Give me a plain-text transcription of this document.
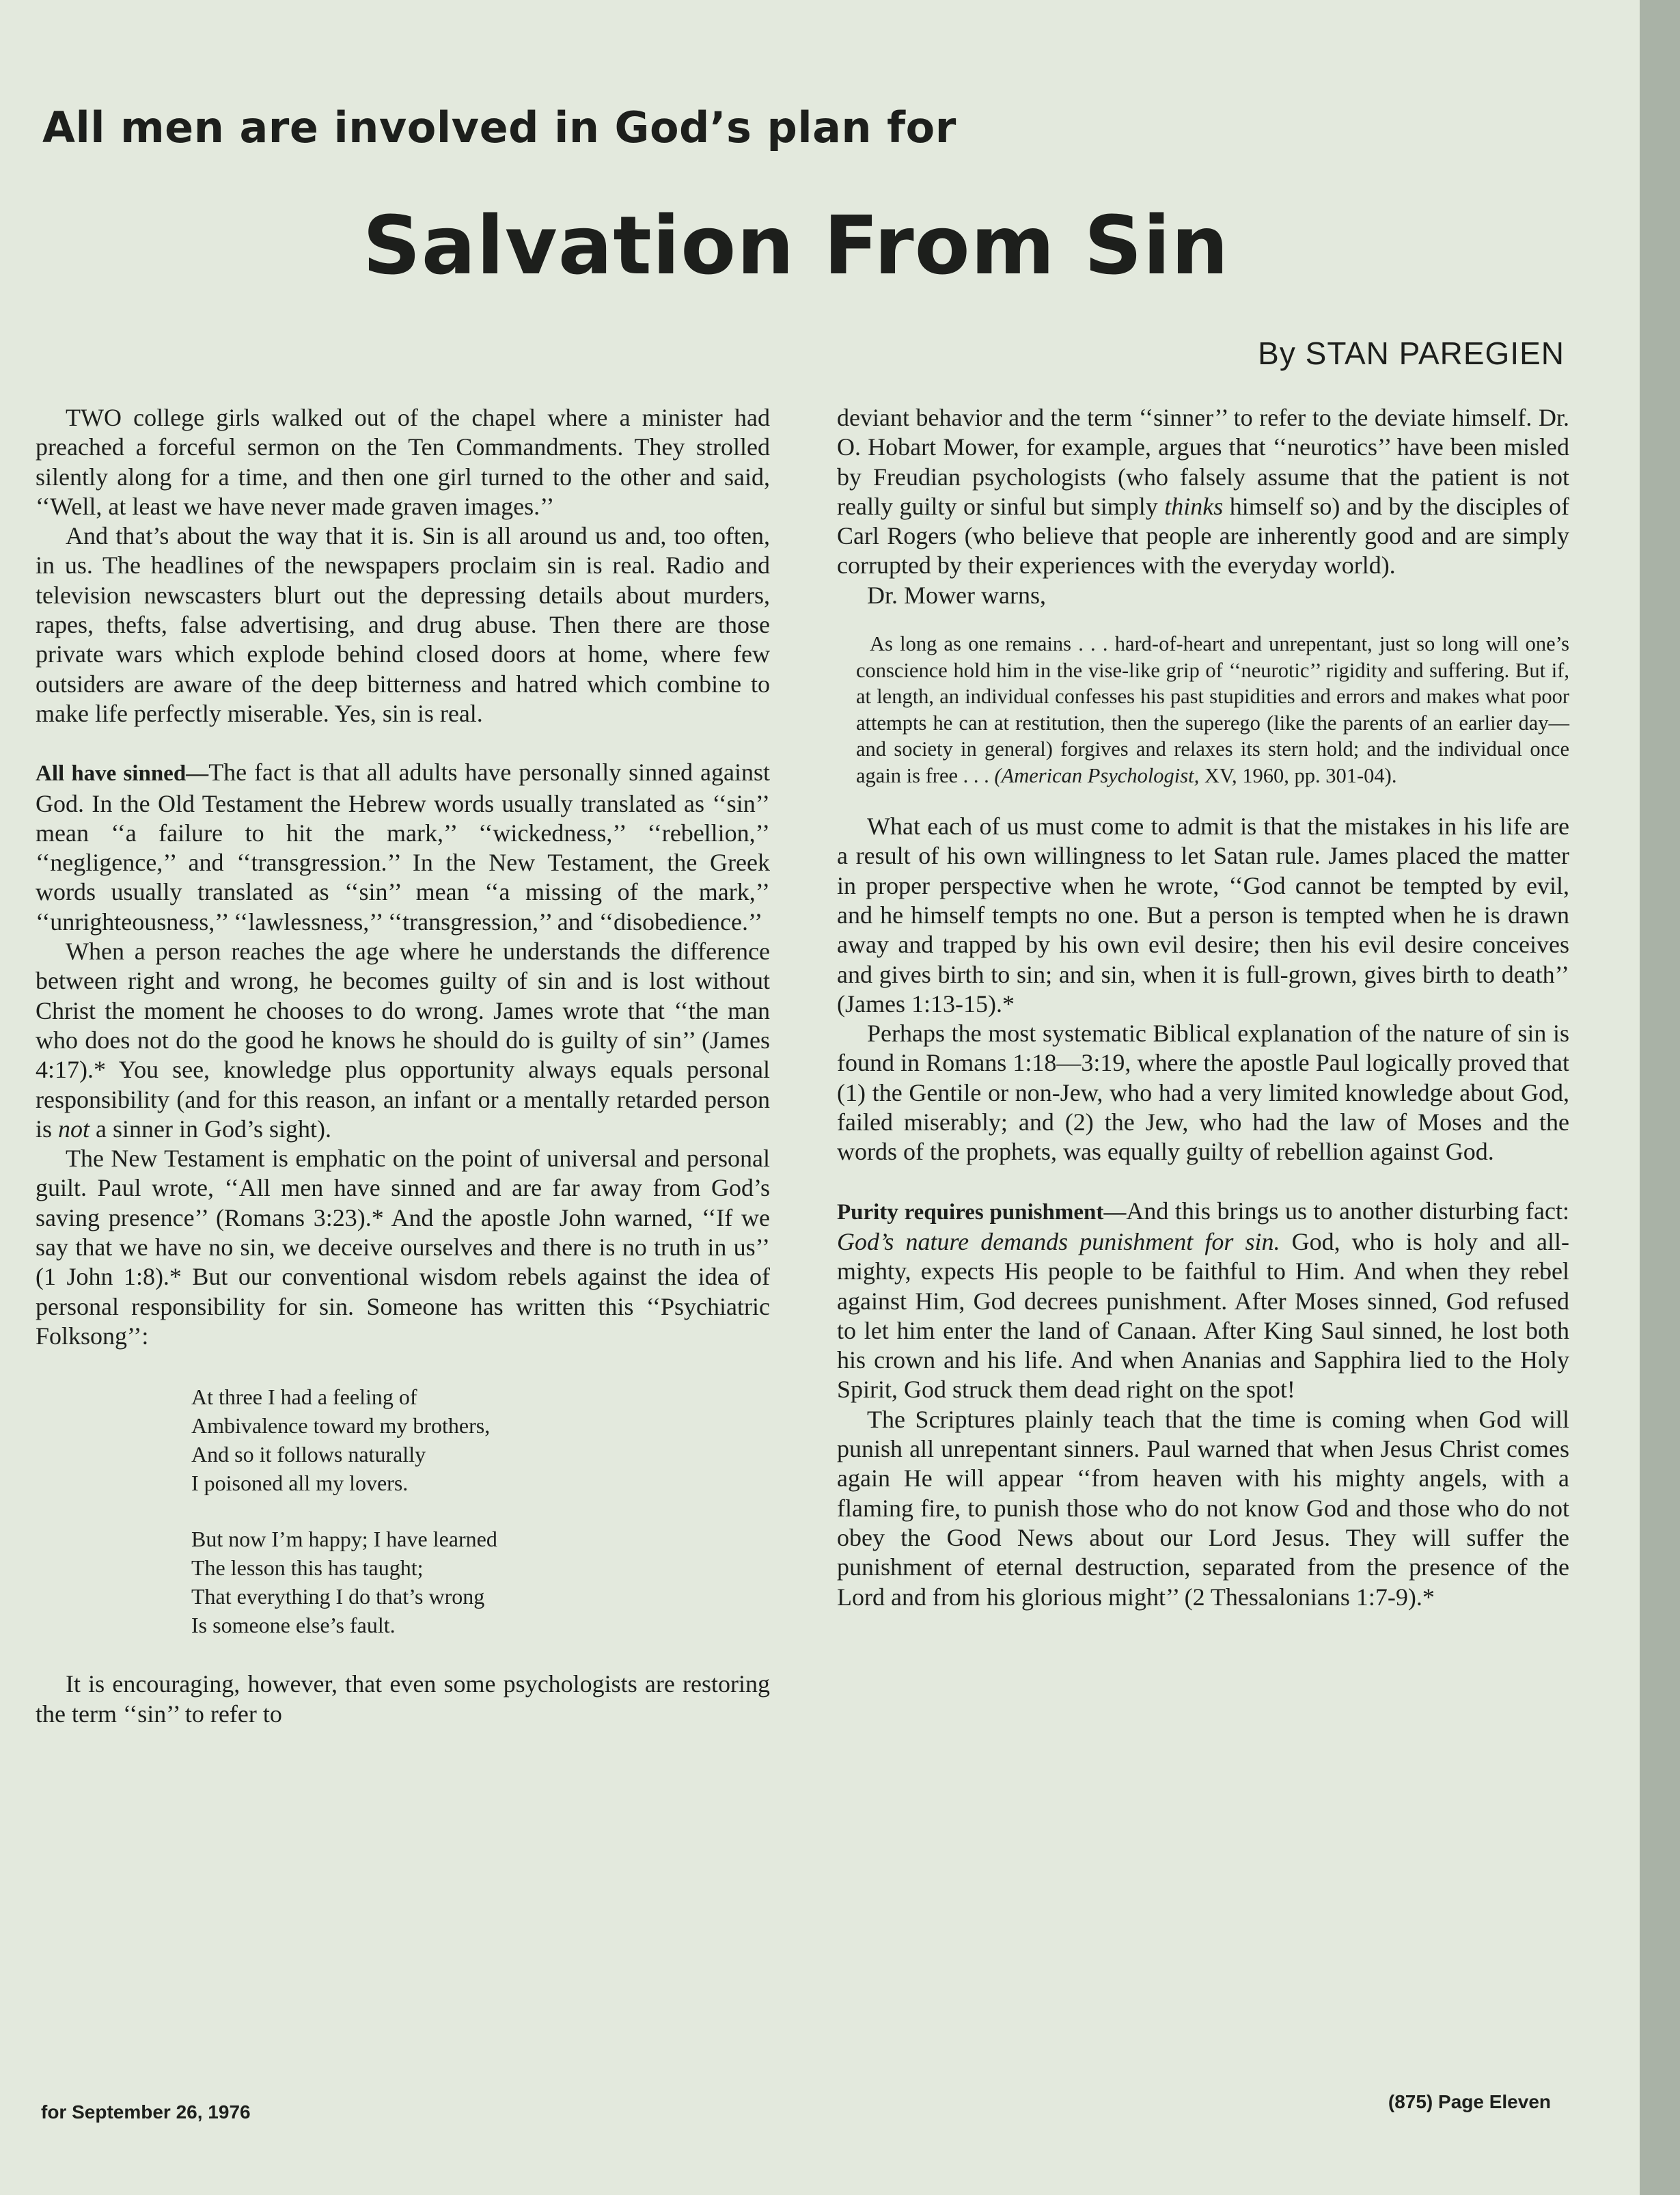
All men are involved in God’s plan for
Salvation From Sin
By STAN PAREGIEN

TWO college girls walked out of the chapel where a minister had preached a forceful sermon on the Ten Commandments. They strolled silently along for a time, and then one girl turned to the other and said, ‘‘Well, at least we have never made graven images.’’

And that’s about the way that it is. Sin is all around us and, too often, in us. The headlines of the newspapers proclaim sin is real. Radio and television newscasters blurt out the depressing details about murders, rapes, thefts, false advertising, and drug abuse. Then there are those private wars which explode behind closed doors at home, where few outsiders are aware of the deep bitterness and hatred which combine to make life perfectly miserable. Yes, sin is real.

All have sinned—The fact is that all adults have personally sinned against God. In the Old Testament the Hebrew words usually translated as ‘‘sin’’ mean ‘‘a failure to hit the mark,’’ ‘‘wickedness,’’ ‘‘rebellion,’’ ‘‘negligence,’’ and ‘‘transgression.’’ In the New Testament, the Greek words usually translated as ‘‘sin’’ mean ‘‘a missing of the mark,’’ ‘‘unrighteousness,’’ ‘‘lawlessness,’’ ‘‘transgression,’’ and ‘‘disobedience.’’

When a person reaches the age where he understands the difference between right and wrong, he becomes guilty of sin and is lost without Christ the moment he chooses to do wrong. James wrote that ‘‘the man who does not do the good he knows he should do is guilty of sin’’ (James 4:17).* You see, knowledge plus opportunity always equals personal responsibility (and for this reason, an infant or a mentally retarded person is not a sinner in God’s sight).

The New Testament is emphatic on the point of universal and personal guilt. Paul wrote, ‘‘All men have sinned and are far away from God’s saving presence’’ (Romans 3:23).* And the apostle John warned, ‘‘If we say that we have no sin, we deceive ourselves and there is no truth in us’’ (1 John 1:8).* But our conventional wisdom rebels against the idea of personal responsibility for sin. Someone has written this ‘‘Psychiatric Folksong’’:

At three I had a feeling of
Ambivalence toward my brothers,
And so it follows naturally
I poisoned all my lovers.
But now I’m happy; I have learned
The lesson this has taught;
That everything I do that’s wrong
Is someone else’s fault.

It is encouraging, however, that even some psychologists are restoring the term ‘‘sin’’ to refer to

deviant behavior and the term ‘‘sinner’’ to refer to the deviate himself. Dr. O. Hobart Mower, for example, argues that ‘‘neurotics’’ have been misled by Freudian psychologists (who falsely assume that the patient is not really guilty or sinful but simply thinks himself so) and by the disciples of Carl Rogers (who believe that people are inherently good and are simply corrupted by their experiences with the everyday world).

Dr. Mower warns,

As long as one remains . . . hard-of-heart and unrepentant, just so long will one’s conscience hold him in the vise-like grip of ‘‘neurotic’’ rigidity and suffering. But if, at length, an individual confesses his past stupidities and errors and makes what poor attempts he can at restitution, then the superego (like the parents of an earlier day—and society in general) forgives and relaxes its stern hold; and the individual once again is free . . . (American Psychologist, XV, 1960, pp. 301-04).

What each of us must come to admit is that the mistakes in his life are a result of his own willingness to let Satan rule. James placed the matter in proper perspective when he wrote, ‘‘God cannot be tempted by evil, and he himself tempts no one. But a person is tempted when he is drawn away and trapped by his own evil desire; then his evil desire conceives and gives birth to sin; and sin, when it is full-grown, gives birth to death’’ (James 1:13-15).*

Perhaps the most systematic Biblical explanation of the nature of sin is found in Romans 1:18—3:19, where the apostle Paul logically proved that (1) the Gentile or non-Jew, who had a very limited knowledge about God, failed miserably; and (2) the Jew, who had the law of Moses and the words of the prophets, was equally guilty of rebellion against God.

Purity requires punishment—And this brings us to another disturbing fact: God’s nature demands punishment for sin. God, who is holy and all-mighty, expects His people to be faithful to Him. And when they rebel against Him, God decrees punishment. After Moses sinned, God refused to let him enter the land of Canaan. After King Saul sinned, he lost both his crown and his life. And when Ananias and Sapphira lied to the Holy Spirit, God struck them dead right on the spot!

The Scriptures plainly teach that the time is coming when God will punish all unrepentant sinners. Paul warned that when Jesus Christ comes again He will appear ‘‘from heaven with his mighty angels, with a flaming fire, to punish those who do not know God and those who do not obey the Good News about our Lord Jesus. They will suffer the punishment of eternal destruction, separated from the presence of the Lord and from his glorious might’’ (2 Thessalonians 1:7-9).*

for September 26, 1976	(875) Page Eleven
